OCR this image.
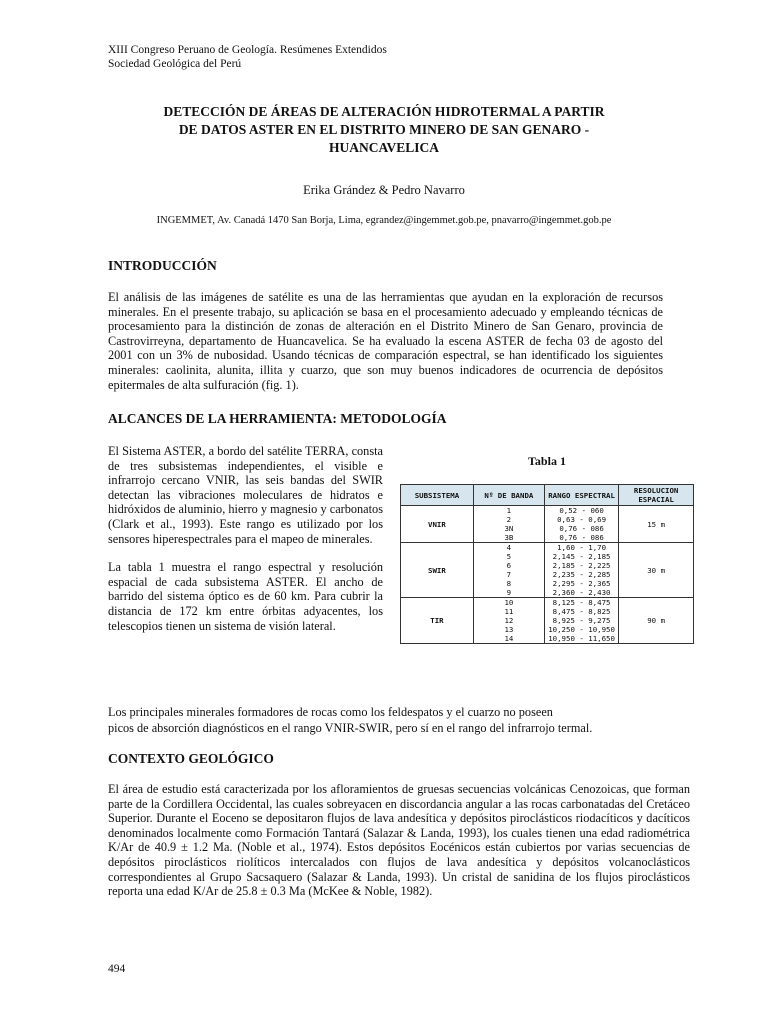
XIII Congreso Peruano de Geología. Resúmenes Extendidos
Sociedad Geológica del Perú
DETECCIÓN DE ÁREAS DE ALTERACIÓN HIDROTERMAL A PARTIR
DE DATOS ASTER EN EL DISTRITO MINERO DE SAN GENARO -
HUANCAVELICA
Erika Grández & Pedro Navarro
INGEMMET, Av. Canadá 1470 San Borja, Lima, egrandez@ingemmet.gob.pe, pnavarro@ingemmet.gob.pe
INTRODUCCIÓN

El análisis de las imágenes de satélite es una de las herramientas que ayudan en la exploración de recursos minerales. En el presente trabajo, su aplicación se basa en el procesamiento adecuado y empleando técnicas de procesamiento para la distinción de zonas de alteración en el Distrito Minero de San Genaro, provincia de Castrovirreyna, departamento de Huancavelica. Se ha evaluado la escena ASTER de fecha 03 de agosto del 2001 con un 3% de nubosidad. Usando técnicas de comparación espectral, se han identificado los siguientes minerales: caolinita, alunita, illita y cuarzo, que son muy buenos indicadores de ocurrencia de depósitos epitermales de alta sulfuración (fig. 1).

ALCANCES DE LA HERRAMIENTA: METODOLOGÍA

El Sistema ASTER, a bordo del satélite TERRA, consta de tres subsistemas independientes, el visible e infrarrojo cercano VNIR, las seis bandas del SWIR detectan las vibraciones moleculares de hidratos e hidróxidos de aluminio, hierro y magnesio y carbonatos (Clark et al., 1993). Este rango es utilizado por los sensores hiperespectrales para el mapeo de minerales.

La tabla 1 muestra el rango espectral y resolución espacial de cada subsistema ASTER. El ancho de barrido del sistema óptico es de 60 km. Para cubrir la distancia de 172 km entre órbitas adyacentes, los telescopios tienen un sistema de visión lateral.

Tabla 1
SUBSISTEMA	Nº DE BANDA	RANGO ESPECTRAL	RESOLUCION ESPACIAL
VNIR	1	0,52 - 060	15 m
	2	0,63 - 0,69	
	3N	0,76 - 086	
	3B	0,76 - 086	
SWIR	4	1,60 - 1,70	30 m
	5	2,145 - 2,185	
	6	2,185 - 2,225	
	7	2,235 - 2,285	
	8	2,295 - 2,365	
	9	2,360 - 2,430	
TIR	10	8,125 - 8,475	90 m
	11	8,475 - 8,825	
	12	8,925 - 9,275	
	13	10,250 - 10,950	
	14	10,950 - 11,650	
Los principales minerales formadores de rocas como los feldespatos y el cuarzo no poseen
picos de absorción diagnósticos en el rango VNIR-SWIR, pero sí en el rango del infrarrojo termal.
CONTEXTO GEOLÓGICO

El área de estudio está caracterizada por los afloramientos de gruesas secuencias volcánicas Cenozoicas, que forman parte de la Cordillera Occidental, las cuales sobreyacen en discordancia angular a las rocas carbonatadas del Cretáceo Superior. Durante el Eoceno se depositaron flujos de lava andesítica y depósitos piroclásticos riodacíticos y dacíticos denominados localmente como Formación Tantará (Salazar & Landa, 1993), los cuales tienen una edad radiométrica K/Ar de 40.9 ± 1.2 Ma. (Noble et al., 1974). Estos depósitos Eocénicos están cubiertos por varias secuencias de depósitos piroclásticos riolíticos intercalados con flujos de lava andesítica y depósitos volcanoclásticos correspondientes al Grupo Sacsaquero (Salazar & Landa, 1993). Un cristal de sanidina de los flujos piroclásticos reporta una edad K/Ar de 25.8 ± 0.3 Ma (McKee & Noble, 1982).

494
